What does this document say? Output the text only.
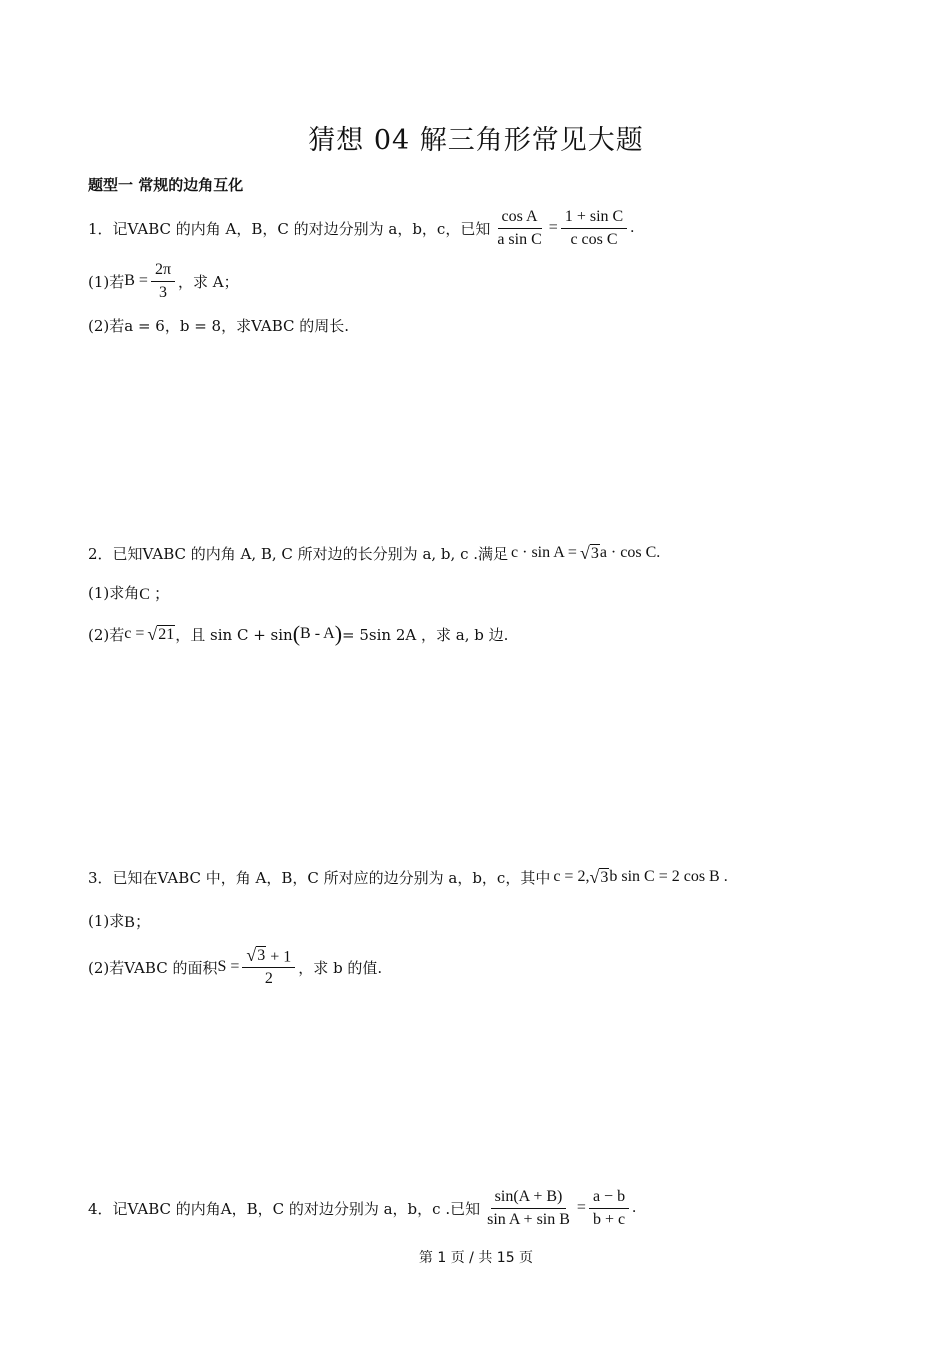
猜想 04 解三角形常见大题
题型一 常规的边角互化
1． 记VABC 的内角 A，B，C 的对边分别为 a，b，c，已知 $\frac{\text{cos A}}{\text{a sin C}} = \frac{\text{1 + sin C}}{\text{c cos C}}$ .
(1)若 $B = \frac{2\pi}{3}$ ，求 A；
(2)若 a = 6，b = 8，求VABC 的周长.
2． 已知VABC 的内角 A, B, C 所对边的长分别为 a, b, c .满足 c · sin A = √ 3 a · cos C .
(1)求角 C ；
(2)若 c = √ 21 ，且 sin C + sin ( B - A ) = 5sin 2A ，求 a, b 边.
3． 已知在VABC 中，角 A，B，C 所对应的边分别为 a，b，c，其中 c = 2, √ 3 b sin C = 2 cos B .
(1)求 B；
(2)若VABC 的面积 $S = \frac{√ 3 + 1}{2}$ ，求 b 的值.
4． 记VABC 的内角A，B，C 的对边分别为 a，b，c .已知 $\frac{\sin(A + B)}{\text{sin A + sin B}} = \frac{a - b}{b + c}$ .
第 1 页 / 共 15 页
